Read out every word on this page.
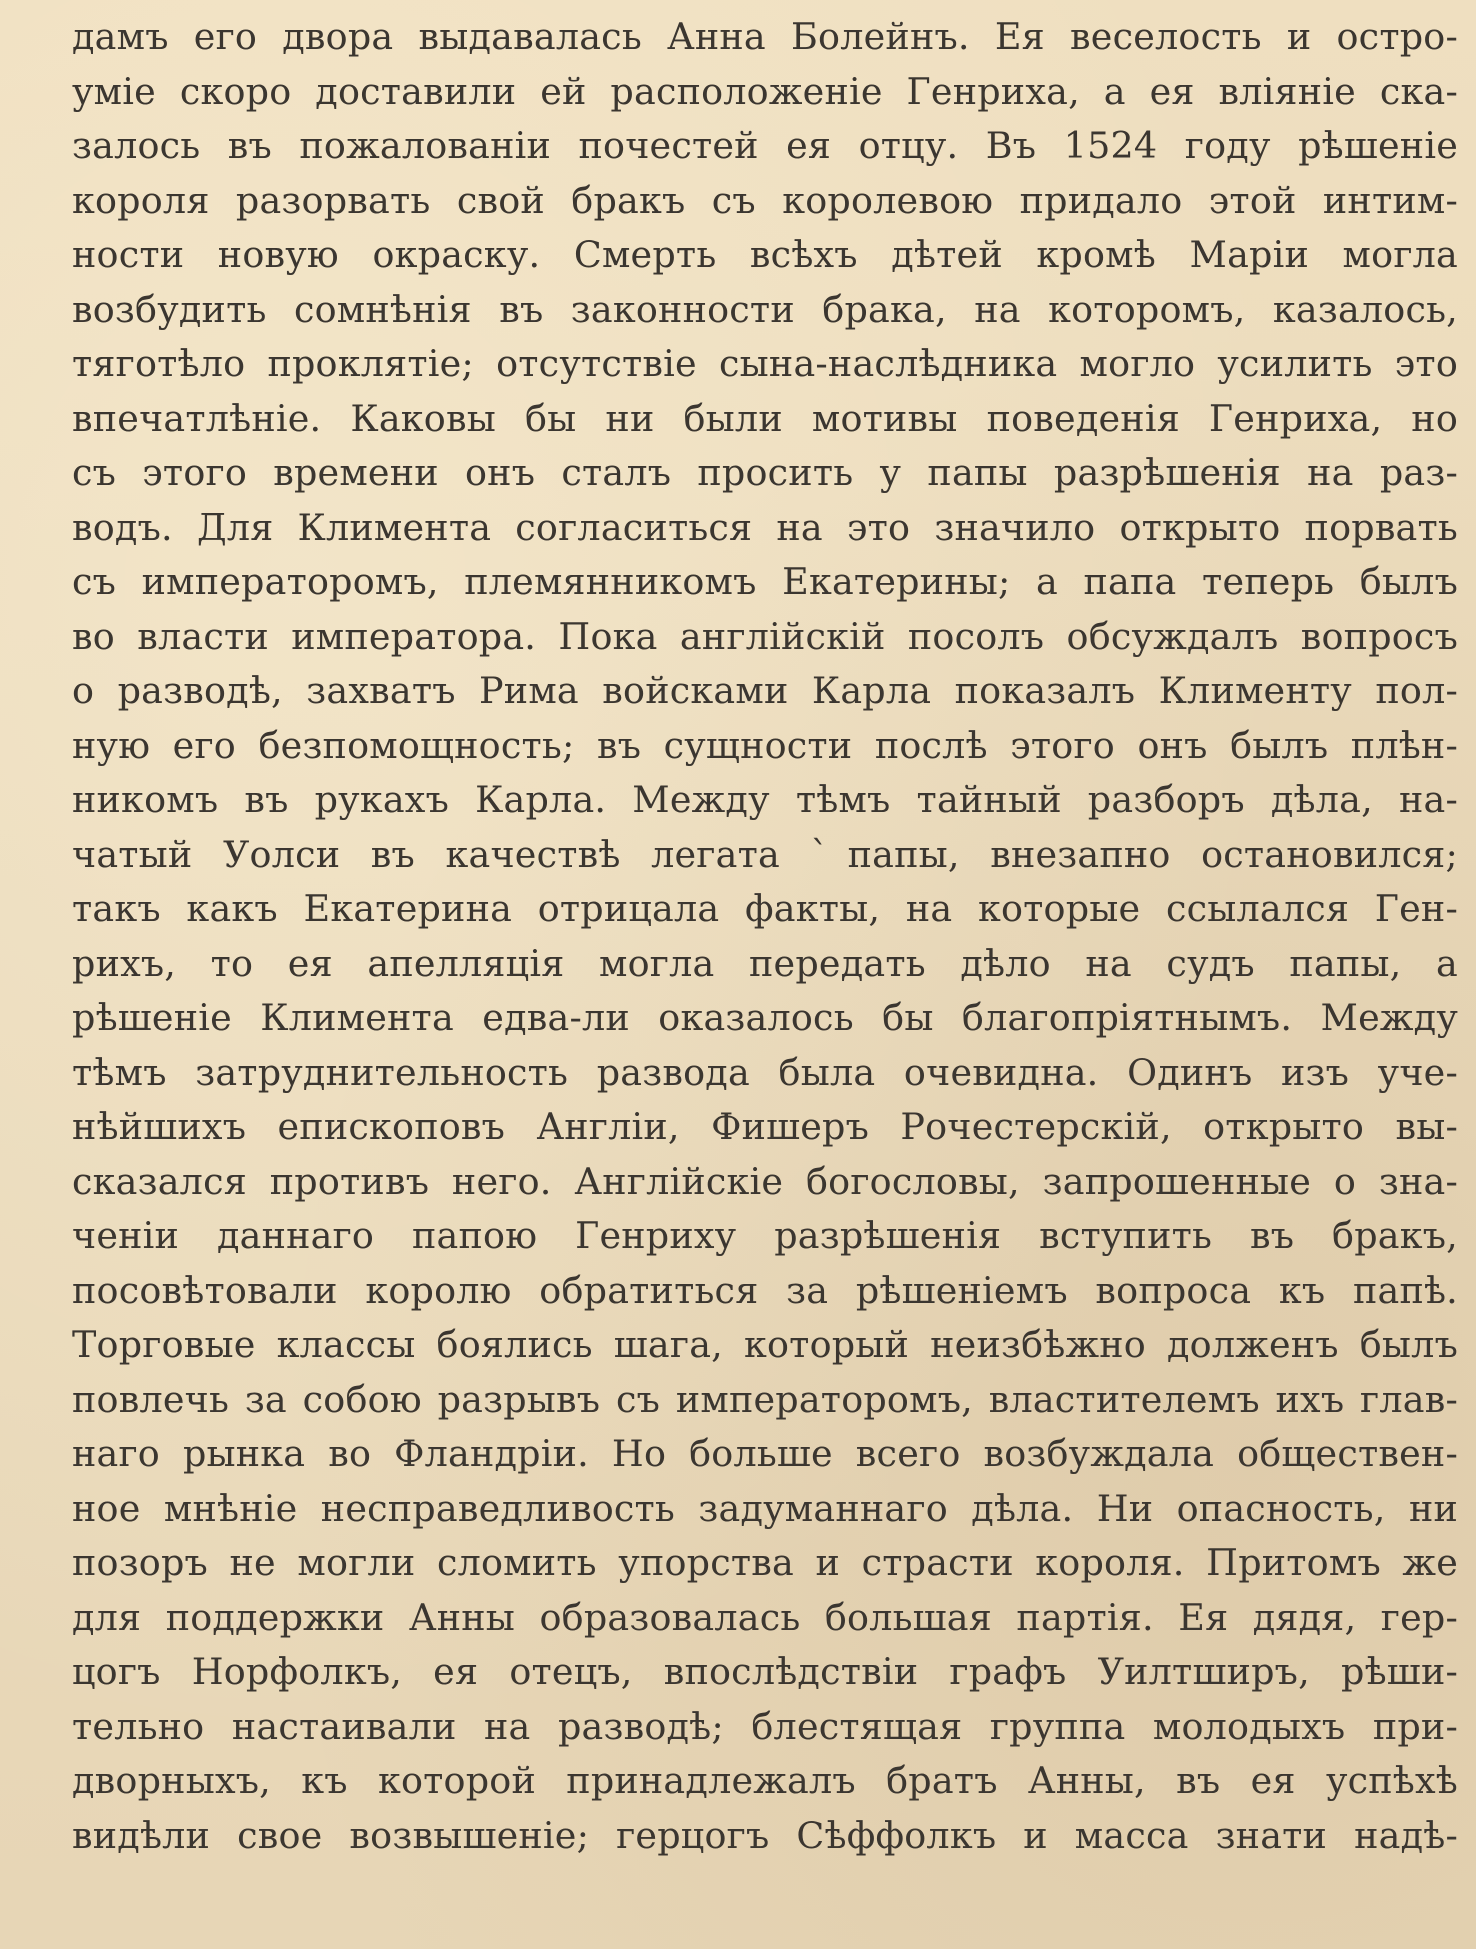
дамъ его двора выдавалась Анна Болейнъ. Ея веселость и остро-
уміе скоро доставили ей расположеніе Генриха, а ея вліяніе ска-
залось въ пожалованіи почестей ея отцу. Въ 1524 году рѣшеніе
короля разорвать свой бракъ съ королевою придало этой интим-
ности новую окраску. Смерть всѣхъ дѣтей кромѣ Маріи могла
возбудить сомнѣнія въ законности брака, на которомъ, казалось,
тяготѣло проклятіе; отсутствіе сына-наслѣдника могло усилить это
впечатлѣніе. Каковы бы ни были мотивы поведенія Генриха, но
съ этого времени онъ сталъ просить у папы разрѣшенія на раз-
водъ. Для Климента согласиться на это значило открыто порвать
съ императоромъ, племянникомъ Екатерины; а папа теперь былъ
во власти императора. Пока англійскій посолъ обсуждалъ вопросъ
о разводѣ, захватъ Рима войсками Карла показалъ Клименту пол-
ную его безпомощность; въ сущности послѣ этого онъ былъ плѣн-
никомъ въ рукахъ Карла. Между тѣмъ тайный разборъ дѣла, на-
чатый Уолси въ качествѣ легата ˋпапы, внезапно остановился;
такъ какъ Екатерина отрицала факты, на которые ссылался Ген-
рихъ, то ея апелляція могла передать дѣло на судъ папы, а
рѣшеніе Климента едва-ли оказалось бы благопріятнымъ. Между
тѣмъ затруднительность развода была очевидна. Одинъ изъ уче-
нѣйшихъ епископовъ Англіи, Фишеръ Рочестерскій, открыто вы-
сказался противъ него. Англійскіе богословы, запрошенные о зна-
ченіи даннаго папою Генриху разрѣшенія вступить въ бракъ,
посовѣтовали королю обратиться за рѣшеніемъ вопроса къ папѣ.
Торговые классы боялись шага, который неизбѣжно долженъ былъ
повлечь за собою разрывъ съ императоромъ, властителемъ ихъ глав-
наго рынка во Фландріи. Но больше всего возбуждала обществен-
ное мнѣніе несправедливость задуманнаго дѣла. Ни опасность, ни
позоръ не могли сломить упорства и страсти короля. Притомъ же
для поддержки Анны образовалась большая партія. Ея дядя, гер-
цогъ Норфолкъ, ея отецъ, впослѣдствіи графъ Уилтширъ, рѣши-
тельно настаивали на разводѣ; блестящая группа молодыхъ при-
дворныхъ, къ которой принадлежалъ братъ Анны, въ ея успѣхѣ
видѣли свое возвышеніе; герцогъ Сѣффолкъ и масса знати надѣ-
